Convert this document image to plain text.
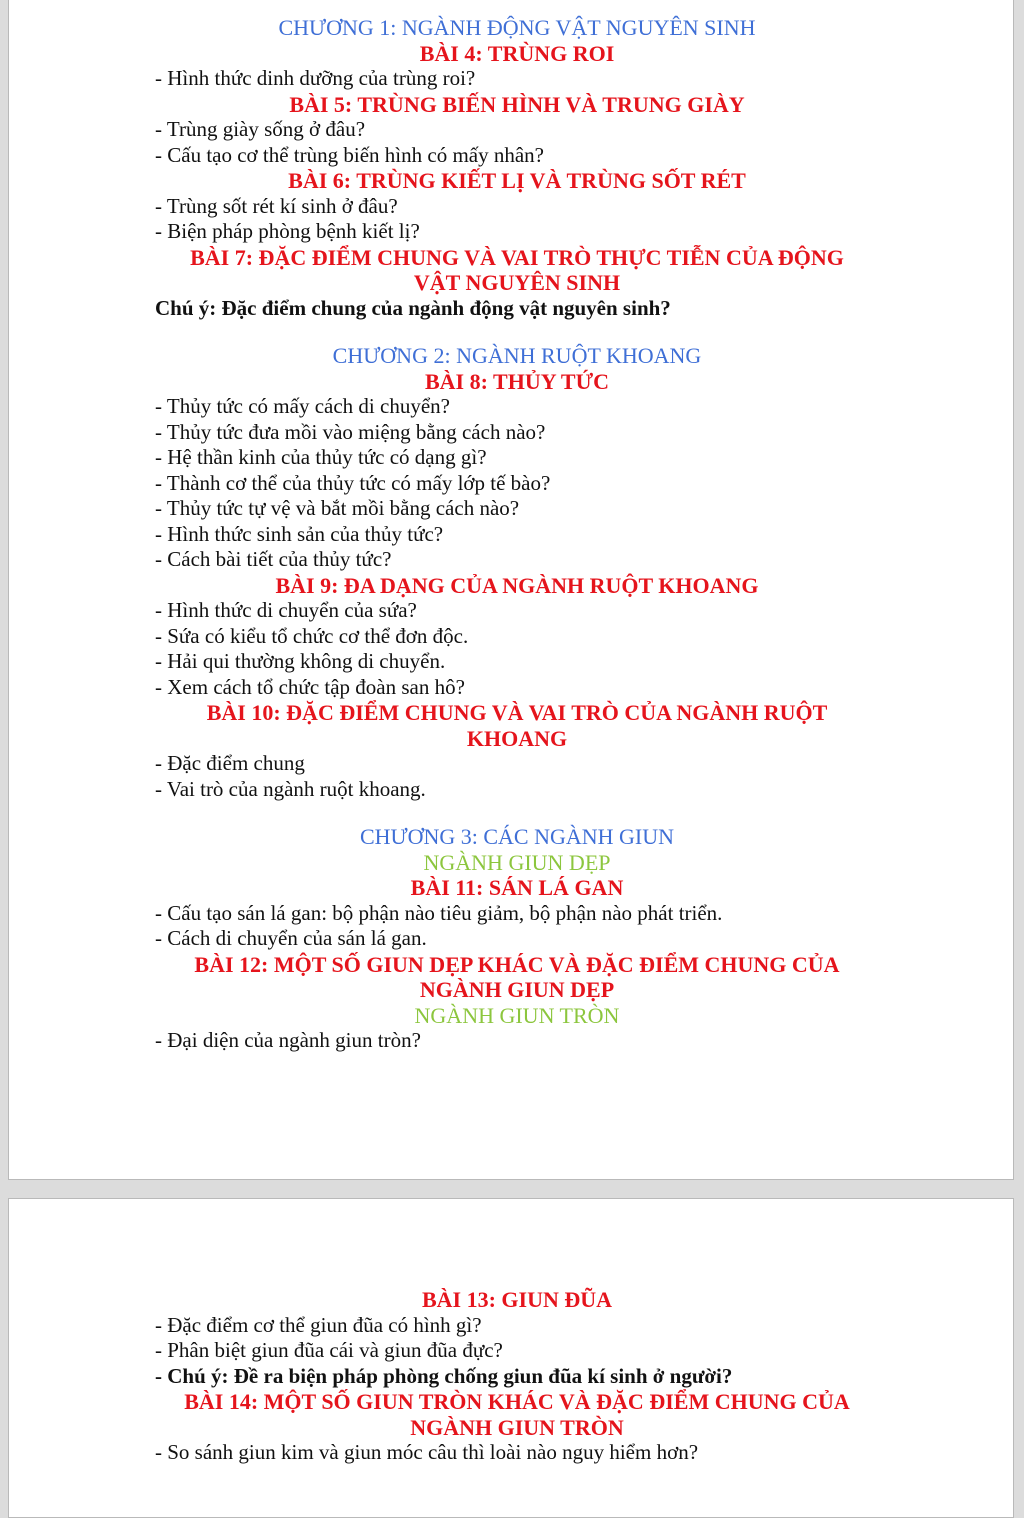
CHƯƠNG 1: NGÀNH ĐỘNG VẬT NGUYÊN SINH
BÀI 4: TRÙNG ROI
- Hình thức dinh dưỡng của trùng roi?
BÀI 5: TRÙNG BIẾN HÌNH VÀ TRUNG GIÀY
- Trùng giày sống ở đâu?
- Cấu tạo cơ thể trùng biến hình có mấy nhân?
BÀI 6: TRÙNG KIẾT LỊ VÀ TRÙNG SỐT RÉT
- Trùng sốt rét kí sinh ở đâu?
- Biện pháp phòng bệnh kiết lị?
BÀI 7: ĐẶC ĐIỂM CHUNG VÀ VAI TRÒ THỰC TIỄN CỦA ĐỘNG VẬT NGUYÊN SINH
Chú ý: Đặc điểm chung của ngành động vật nguyên sinh?
CHƯƠNG 2: NGÀNH RUỘT KHOANG
BÀI 8: THỦY TỨC
- Thủy tức có mấy cách di chuyển?
- Thủy tức đưa mồi vào miệng bằng cách nào?
- Hệ thần kinh của thủy tức có dạng gì?
- Thành cơ thể của thủy tức có mấy lớp tế bào?
- Thủy tức tự vệ và bắt mồi bằng cách nào?
- Hình thức sinh sản của thủy tức?
- Cách bài tiết của thủy tức?
BÀI 9: ĐA DẠNG CỦA NGÀNH RUỘT KHOANG
- Hình thức di chuyển của sứa?
- Sứa có kiểu tổ chức cơ thể đơn độc.
- Hải qui thường không di chuyển.
- Xem cách tổ chức tập đoàn san hô?
BÀI 10: ĐẶC ĐIỂM CHUNG VÀ VAI TRÒ CỦA NGÀNH RUỘT KHOANG
- Đặc điểm chung
- Vai trò của ngành ruột khoang.
CHƯƠNG 3: CÁC NGÀNH GIUN
NGÀNH GIUN DẸP
BÀI 11: SÁN LÁ GAN
- Cấu tạo sán lá gan: bộ phận nào tiêu giảm, bộ phận nào phát triển.
- Cách di chuyển của sán lá gan.
BÀI 12: MỘT SỐ GIUN DẸP KHÁC VÀ ĐẶC ĐIỂM CHUNG CỦA NGÀNH GIUN DẸP
NGÀNH GIUN TRÒN
- Đại diện của ngành giun tròn?
BÀI 13: GIUN ĐŨA
- Đặc điểm cơ thể giun đũa có hình gì?
- Phân biệt giun đũa cái và giun đũa đực?
- Chú ý: Đề ra biện pháp phòng chống giun đũa kí sinh ở người?
BÀI 14: MỘT SỐ GIUN TRÒN KHÁC VÀ ĐẶC ĐIỂM CHUNG CỦA NGÀNH GIUN TRÒN
- So sánh giun kim và giun móc câu thì loài nào nguy hiểm hơn?
